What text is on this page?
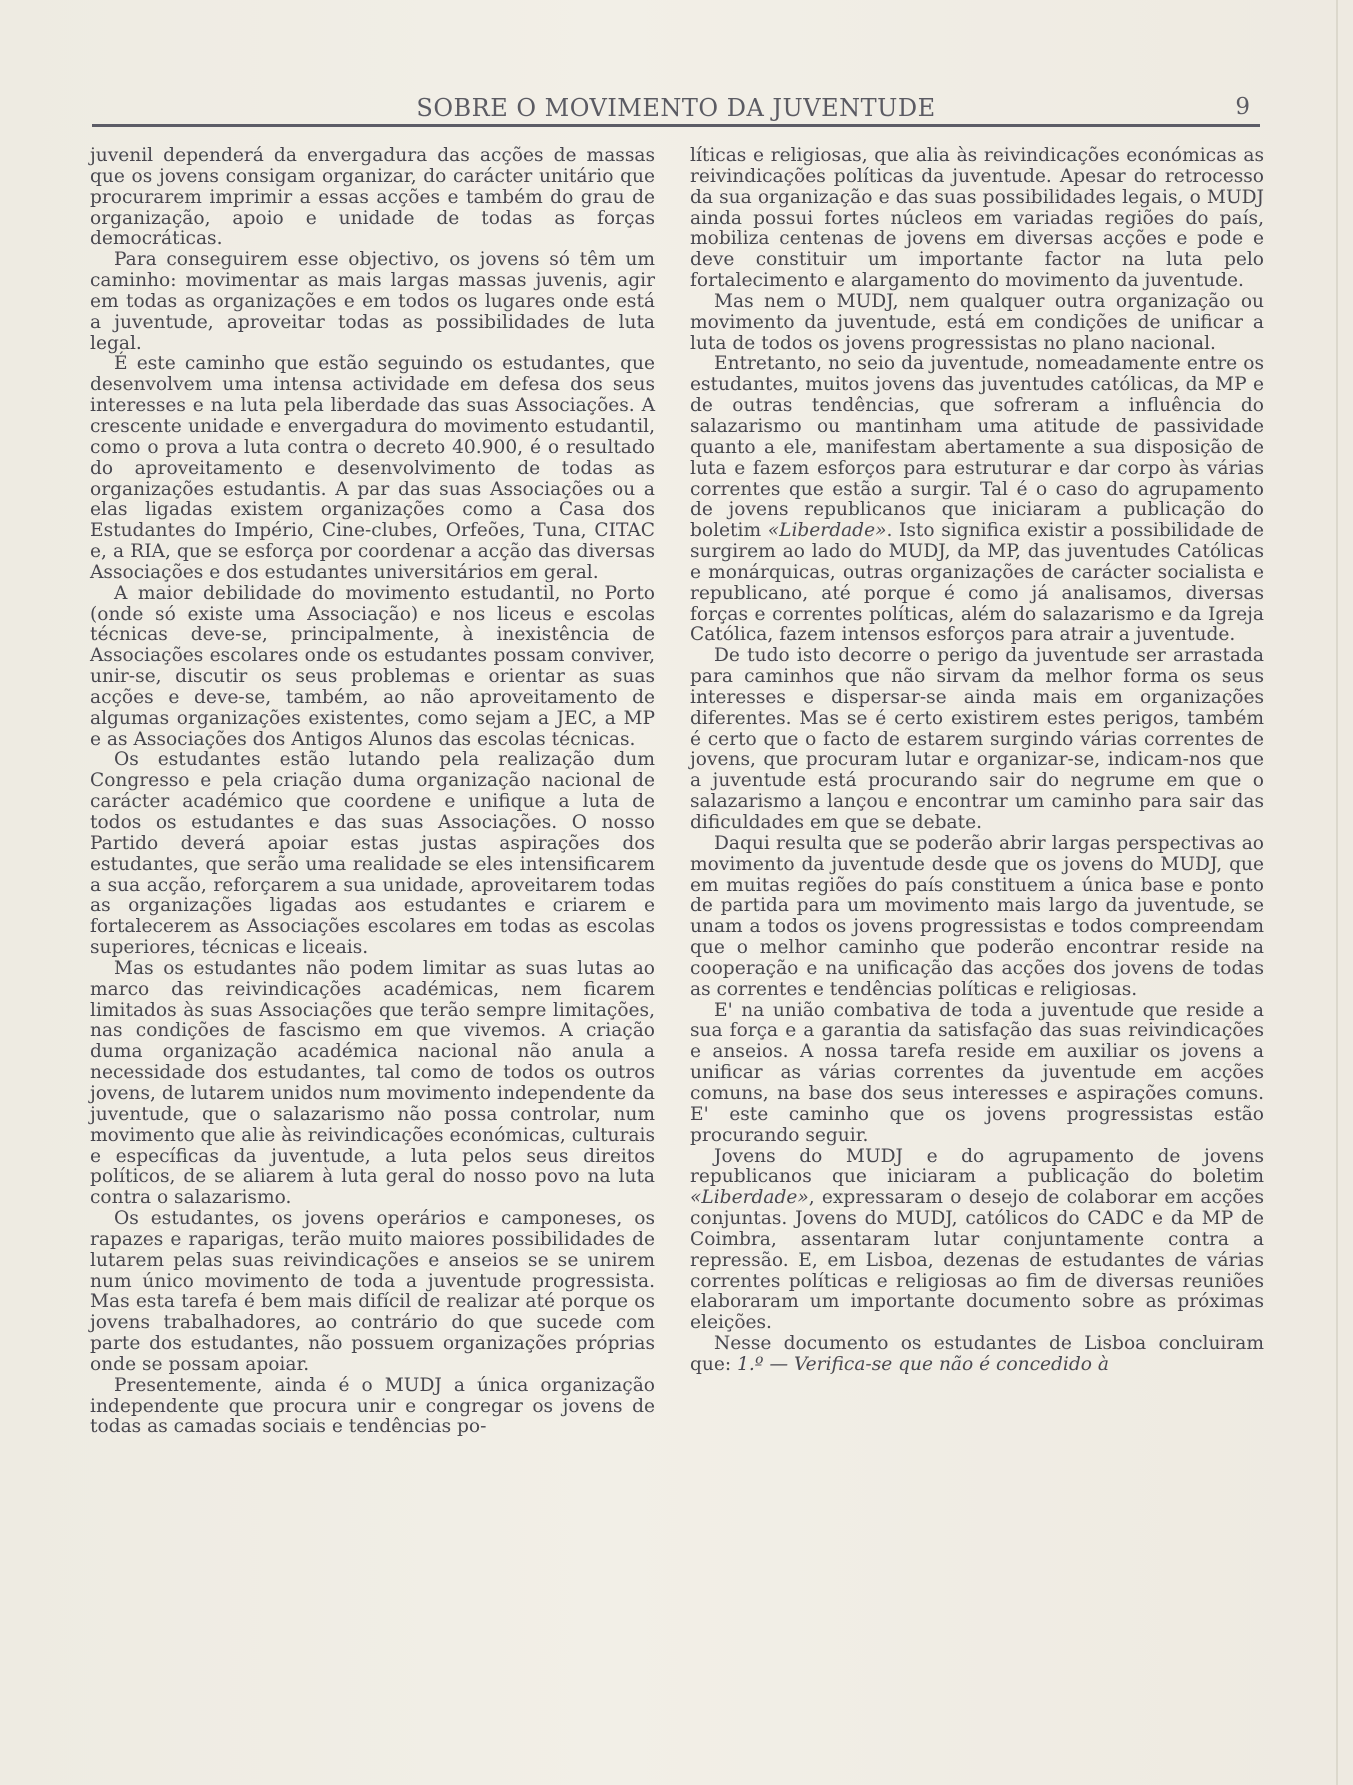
SOBRE O MOVIMENTO DA JUVENTUDE	9

juvenil dependerá da envergadura das acções de massas que os jovens consigam organizar, do carácter unitário que procurarem imprimir a essas acções e também do grau de organização, apoio e unidade de todas as forças democráticas.

Para conseguirem esse objectivo, os jovens só têm um caminho: movimentar as mais largas massas juvenis, agir em todas as organizações e em todos os lugares onde está a juventude, aproveitar todas as possibilidades de luta legal.

É este caminho que estão seguindo os estudantes, que desenvolvem uma intensa actividade em defesa dos seus interesses e na luta pela liberdade das suas Associações. A crescente unidade e envergadura do movimento estudantil, como o prova a luta contra o decreto 40.900, é o resultado do aproveitamento e desenvolvimento de todas as organizações estudantis. A par das suas Associações ou a elas ligadas existem organizações como a Casa dos Estudantes do Império, Cine-clubes, Orfeões, Tuna, CITAC e, a RIA, que se esforça por coordenar a acção das diversas Associações e dos estudantes universitários em geral.

A maior debilidade do movimento estudantil, no Porto (onde só existe uma Associação) e nos liceus e escolas técnicas deve-se, principalmente, à inexistência de Associações escolares onde os estudantes possam conviver, unir-se, discutir os seus problemas e orientar as suas acções e deve-se, também, ao não aproveitamento de algumas organizações existentes, como sejam a JEC, a MP e as Associações dos Antigos Alunos das escolas técnicas.

Os estudantes estão lutando pela realização dum Congresso e pela criação duma organização nacional de carácter académico que coordene e unifique a luta de todos os estudantes e das suas Associações. O nosso Partido deverá apoiar estas justas aspirações dos estudantes, que serão uma realidade se eles intensificarem a sua acção, reforçarem a sua unidade, aproveitarem todas as organizações ligadas aos estudantes e criarem e fortalecerem as Associações escolares em todas as escolas superiores, técnicas e liceais.

Mas os estudantes não podem limitar as suas lutas ao marco das reivindicações académicas, nem ficarem limitados às suas Associações que terão sempre limitações, nas condições de fascismo em que vivemos. A criação duma organização académica nacional não anula a necessidade dos estudantes, tal como de todos os outros jovens, de lutarem unidos num movimento independente da juventude, que o salazarismo não possa controlar, num movimento que alie às reivindicações económicas, culturais e específicas da juventude, a luta pelos seus direitos políticos, de se aliarem à luta geral do nosso povo na luta contra o salazarismo.

Os estudantes, os jovens operários e camponeses, os rapazes e raparigas, terão muito maiores possibilidades de lutarem pelas suas reivindicações e anseios se se unirem num único movimento de toda a juventude progressista. Mas esta tarefa é bem mais difícil de realizar até porque os jovens trabalhadores, ao contrário do que sucede com parte dos estudantes, não possuem organizações próprias onde se possam apoiar.

Presentemente, ainda é o MUDJ a única organização independente que procura unir e congregar os jovens de todas as camadas sociais e tendências po-

líticas e religiosas, que alia às reivindicações económicas as reivindicações políticas da juventude. Apesar do retrocesso da sua organização e das suas possibilidades legais, o MUDJ ainda possui fortes núcleos em variadas regiões do país, mobiliza centenas de jovens em diversas acções e pode e deve constituir um importante factor na luta pelo fortalecimento e alargamento do movimento da juventude.

Mas nem o MUDJ, nem qualquer outra organização ou movimento da juventude, está em condições de unificar a luta de todos os jovens progressistas no plano nacional.

Entretanto, no seio da juventude, nomeadamente entre os estudantes, muitos jovens das juventudes católicas, da MP e de outras tendências, que sofreram a influência do salazarismo ou mantinham uma atitude de passividade quanto a ele, manifestam abertamente a sua disposição de luta e fazem esforços para estruturar e dar corpo às várias correntes que estão a surgir. Tal é o caso do agrupamento de jovens republicanos que iniciaram a publicação do boletim «Liberdade». Isto significa existir a possibilidade de surgirem ao lado do MUDJ, da MP, das juventudes Católicas e monárquicas, outras organizações de carácter socialista e republicano, até porque é como já analisamos, diversas forças e correntes políticas, além do salazarismo e da Igreja Católica, fazem intensos esforços para atrair a juventude.

De tudo isto decorre o perigo da juventude ser arrastada para caminhos que não sirvam da melhor forma os seus interesses e dispersar-se ainda mais em organizações diferentes. Mas se é certo existirem estes perigos, também é certo que o facto de estarem surgindo várias correntes de jovens, que procuram lutar e organizar-se, indicam-nos que a juventude está procurando sair do negrume em que o salazarismo a lançou e encontrar um caminho para sair das dificuldades em que se debate.

Daqui resulta que se poderão abrir largas perspectivas ao movimento da juventude desde que os jovens do MUDJ, que em muitas regiões do país constituem a única base e ponto de partida para um movimento mais largo da juventude, se unam a todos os jovens progressistas e todos compreendam que o melhor caminho que poderão encontrar reside na cooperação e na unificação das acções dos jovens de todas as correntes e tendências políticas e religiosas.

E' na união combativa de toda a juventude que reside a sua força e a garantia da satisfação das suas reivindicações e anseios. A nossa tarefa reside em auxiliar os jovens a unificar as várias correntes da juventude em acções comuns, na base dos seus interesses e aspirações comuns. E' este caminho que os jovens progressistas estão procurando seguir.

Jovens do MUDJ e do agrupamento de jovens republicanos que iniciaram a publicação do boletim «Liberdade», expressaram o desejo de colaborar em acções conjuntas. Jovens do MUDJ, católicos do CADC e da MP de Coimbra, assentaram lutar conjuntamente contra a repressão. E, em Lisboa, dezenas de estudantes de várias correntes políticas e religiosas ao fim de diversas reuniões elaboraram um importante documento sobre as próximas eleições.

Nesse documento os estudantes de Lisboa concluiram que: 1.º — Verifica-se que não é concedido à
